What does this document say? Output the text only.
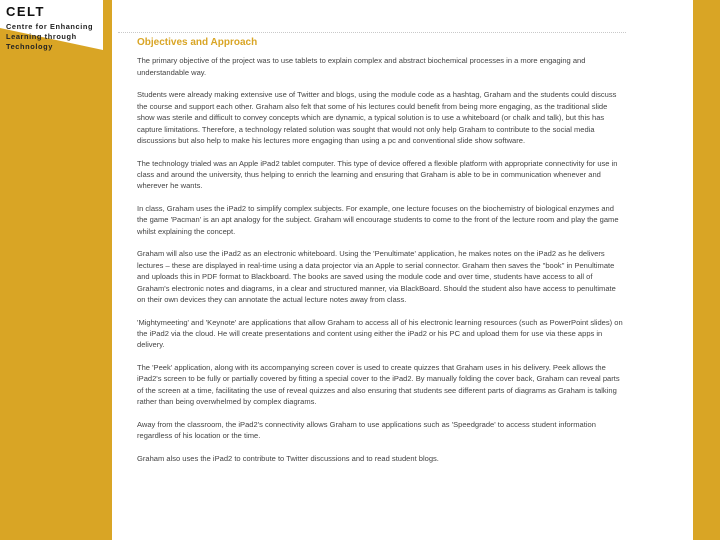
CELT
Centre for Enhancing Learning through Technology	Objectives and Approach

The primary objective of the project was to use tablets to explain complex and abstract biochemical processes in a more engaging and understandable way.

Students were already making extensive use of Twitter and blogs, using the module code as a hashtag, Graham and the students could discuss the course and support each other. Graham also felt that some of his lectures could benefit from being more engaging, as the traditional slide show was sterile and difficult to convey concepts which are dynamic, a typical solution is to use a whiteboard (or chalk and talk), but this has capture limitations. Therefore, a technology related solution was sought that would not only help Graham to contribute to the social media discussions but also help to make his lectures more engaging than using a pc and conventional slide show software.

The technology trialed was an Apple iPad2 tablet computer. This type of device offered a flexible platform with appropriate connectivity for use in class and around the university, thus helping to enrich the learning and ensuring that Graham is able to be in communication whenever and wherever he wants.

In class, Graham uses the iPad2 to simplify complex subjects. For example, one lecture focuses on the biochemistry of biological enzymes and the game 'Pacman' is an apt analogy for the subject. Graham will encourage students to come to the front of the lecture room and play the game whilst explaining the concept.

Graham will also use the iPad2 as an electronic whiteboard. Using the 'Penultimate' application, he makes notes on the iPad2 as he delivers lectures – these are displayed in real-time using a data projector via an Apple to serial connector. Graham then saves the "book" in Penultimate and uploads this in PDF format to Blackboard. The books are saved using the module code and over time, students have access to all of Graham's electronic notes and diagrams, in a clear and structured manner, via BlackBoard. Should the student also have access to penultimate on their own devices they can annotate the actual lecture notes away from class.

'Mightymeeting' and 'Keynote' are applications that allow Graham to access all of his electronic learning resources (such as PowerPoint slides) on the iPad2 via the cloud. He will create presentations and content using either the iPad2 or his PC and upload them for use via these apps in delivery.

The 'Peek' application, along with its accompanying screen cover is used to create quizzes that Graham uses in his delivery. Peek allows the iPad2's screen to be fully or partially covered by fitting a special cover to the iPad2. By manually folding the cover back, Graham can reveal parts of the screen at a time, facilitating the use of reveal quizzes and also ensuring that students see different parts of diagrams as Graham is talking rather than being overwhelmed by complex diagrams.

Away from the classroom, the iPad2's connectivity allows Graham to use applications such as 'Speedgrade' to access student information regardless of his location or the time.

Graham also uses the iPad2 to contribute to Twitter discussions and to read student blogs.
